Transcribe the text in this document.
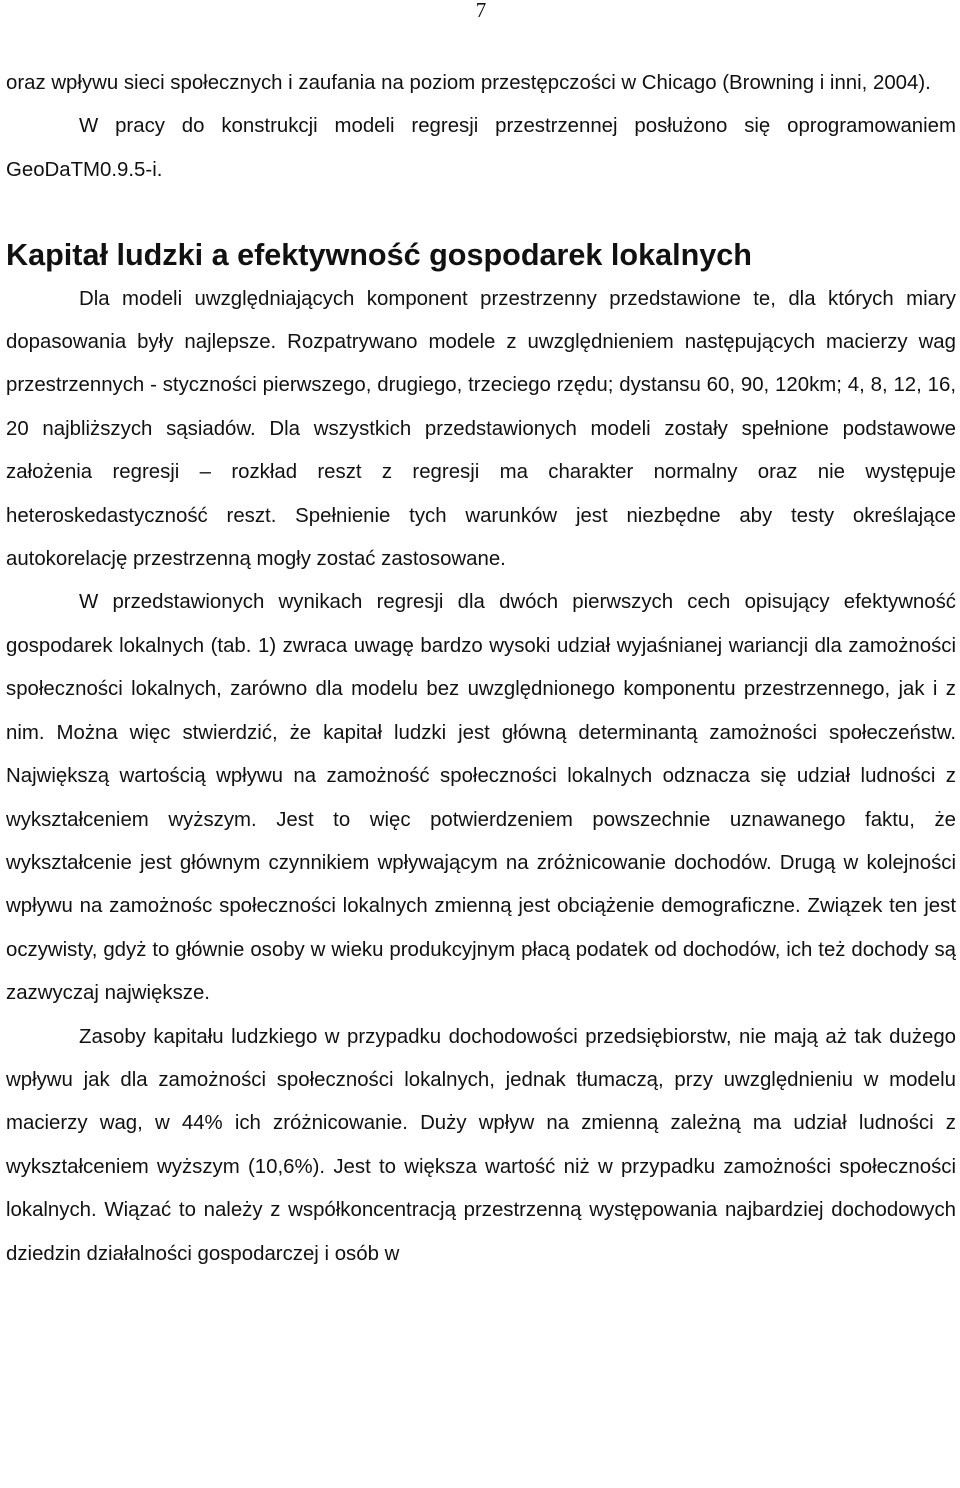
7

oraz wpływu sieci społecznych i zaufania na poziom przestępczości w Chicago (Browning i inni, 2004).

W pracy do konstrukcji modeli regresji przestrzennej posłużono się oprogramowaniem GeoDaTM0.9.5-i.

Kapitał ludzki a efektywność gospodarek lokalnych

Dla modeli uwzględniających komponent przestrzenny przedstawione te, dla których miary dopasowania były najlepsze. Rozpatrywano modele z uwzględnieniem następujących macierzy wag przestrzennych - styczności pierwszego, drugiego, trzeciego rzędu; dystansu 60, 90, 120km; 4, 8, 12, 16, 20 najbliższych sąsiadów. Dla wszystkich przedstawionych modeli zostały spełnione podstawowe założenia regresji – rozkład reszt z regresji ma charakter normalny oraz nie występuje heteroskedastyczność reszt. Spełnienie tych warunków jest niezbędne aby testy określające autokorelację przestrzenną mogły zostać zastosowane.

W przedstawionych wynikach regresji dla dwóch pierwszych cech opisujący efektywność gospodarek lokalnych (tab. 1) zwraca uwagę bardzo wysoki udział wyjaśnianej wariancji dla zamożności społeczności lokalnych, zarówno dla modelu bez uwzględnionego komponentu przestrzennego, jak i z nim. Można więc stwierdzić, że kapitał ludzki jest główną determinantą zamożności społeczeństw. Największą wartością wpływu na zamożność społeczności lokalnych odznacza się udział ludności z wykształceniem wyższym. Jest to więc potwierdzeniem powszechnie uznawanego faktu, że wykształcenie jest głównym czynnikiem wpływającym na zróżnicowanie dochodów. Drugą w kolejności wpływu na zamożnośc społeczności lokalnych zmienną jest obciążenie demograficzne. Związek ten jest oczywisty, gdyż to głównie osoby w wieku produkcyjnym płacą podatek od dochodów, ich też dochody są zazwyczaj największe.

Zasoby kapitału ludzkiego w przypadku dochodowości przedsiębiorstw, nie mają aż tak dużego wpływu jak dla zamożności społeczności lokalnych, jednak tłumaczą, przy uwzględnieniu w modelu macierzy wag, w 44% ich zróżnicowanie. Duży wpływ na zmienną zależną ma udział ludności z wykształceniem wyższym (10,6%). Jest to większa wartość niż w przypadku zamożności społeczności lokalnych. Wiązać to należy z współkoncentracją przestrzenną występowania najbardziej dochodowych dziedzin działalności gospodarczej i osób w
